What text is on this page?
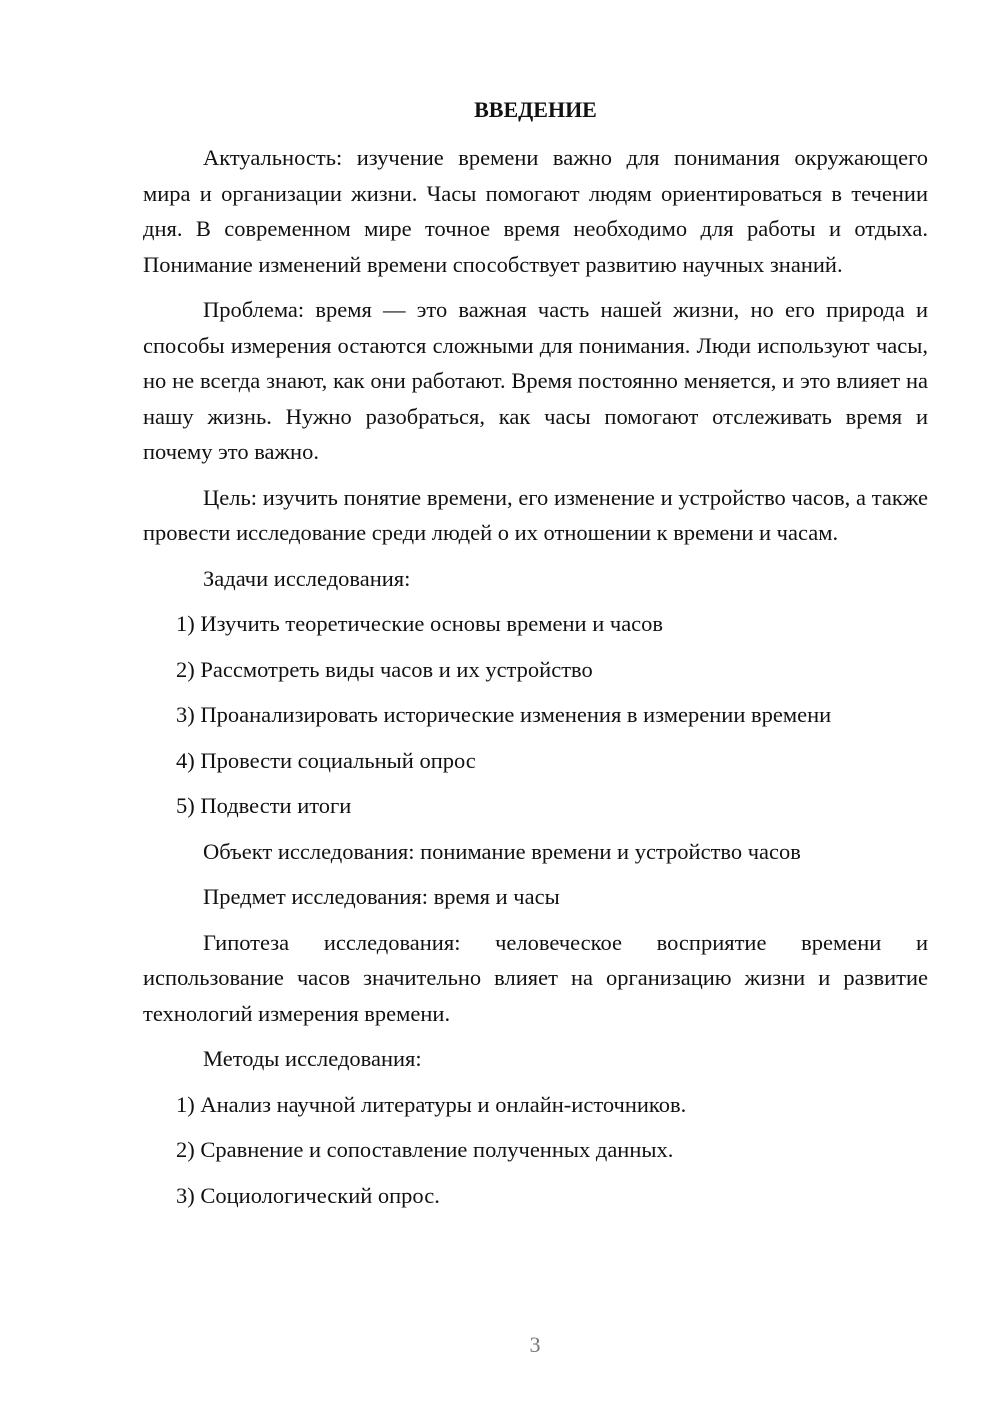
ВВЕДЕНИЕ

Актуальность: изучение времени важно для понимания окружающего мира и организации жизни. Часы помогают людям ориентироваться в течении дня. В современном мире точное время необходимо для работы и отдыха. Понимание изменений времени способствует развитию научных знаний.

Проблема: время — это важная часть нашей жизни, но его природа и способы измерения остаются сложными для понимания. Люди используют часы, но не всегда знают, как они работают. Время постоянно меняется, и это влияет на нашу жизнь. Нужно разобраться, как часы помогают отслеживать время и почему это важно.

Цель: изучить понятие времени, его изменение и устройство часов, а также провести исследование среди людей о их отношении к времени и часам.

Задачи исследования:

1) Изучить теоретические основы времени и часов

2) Рассмотреть виды часов и их устройство

3) Проанализировать исторические изменения в измерении времени

4) Провести социальный опрос

5) Подвести итоги

Объект исследования: понимание времени и устройство часов

Предмет исследования: время и часы

Гипотеза исследования: человеческое восприятие времени и использование часов значительно влияет на организацию жизни и развитие технологий измерения времени.

Методы исследования:

1) Анализ научной литературы и онлайн-источников.

2) Сравнение и сопоставление полученных данных.

3) Социологический опрос.

3
